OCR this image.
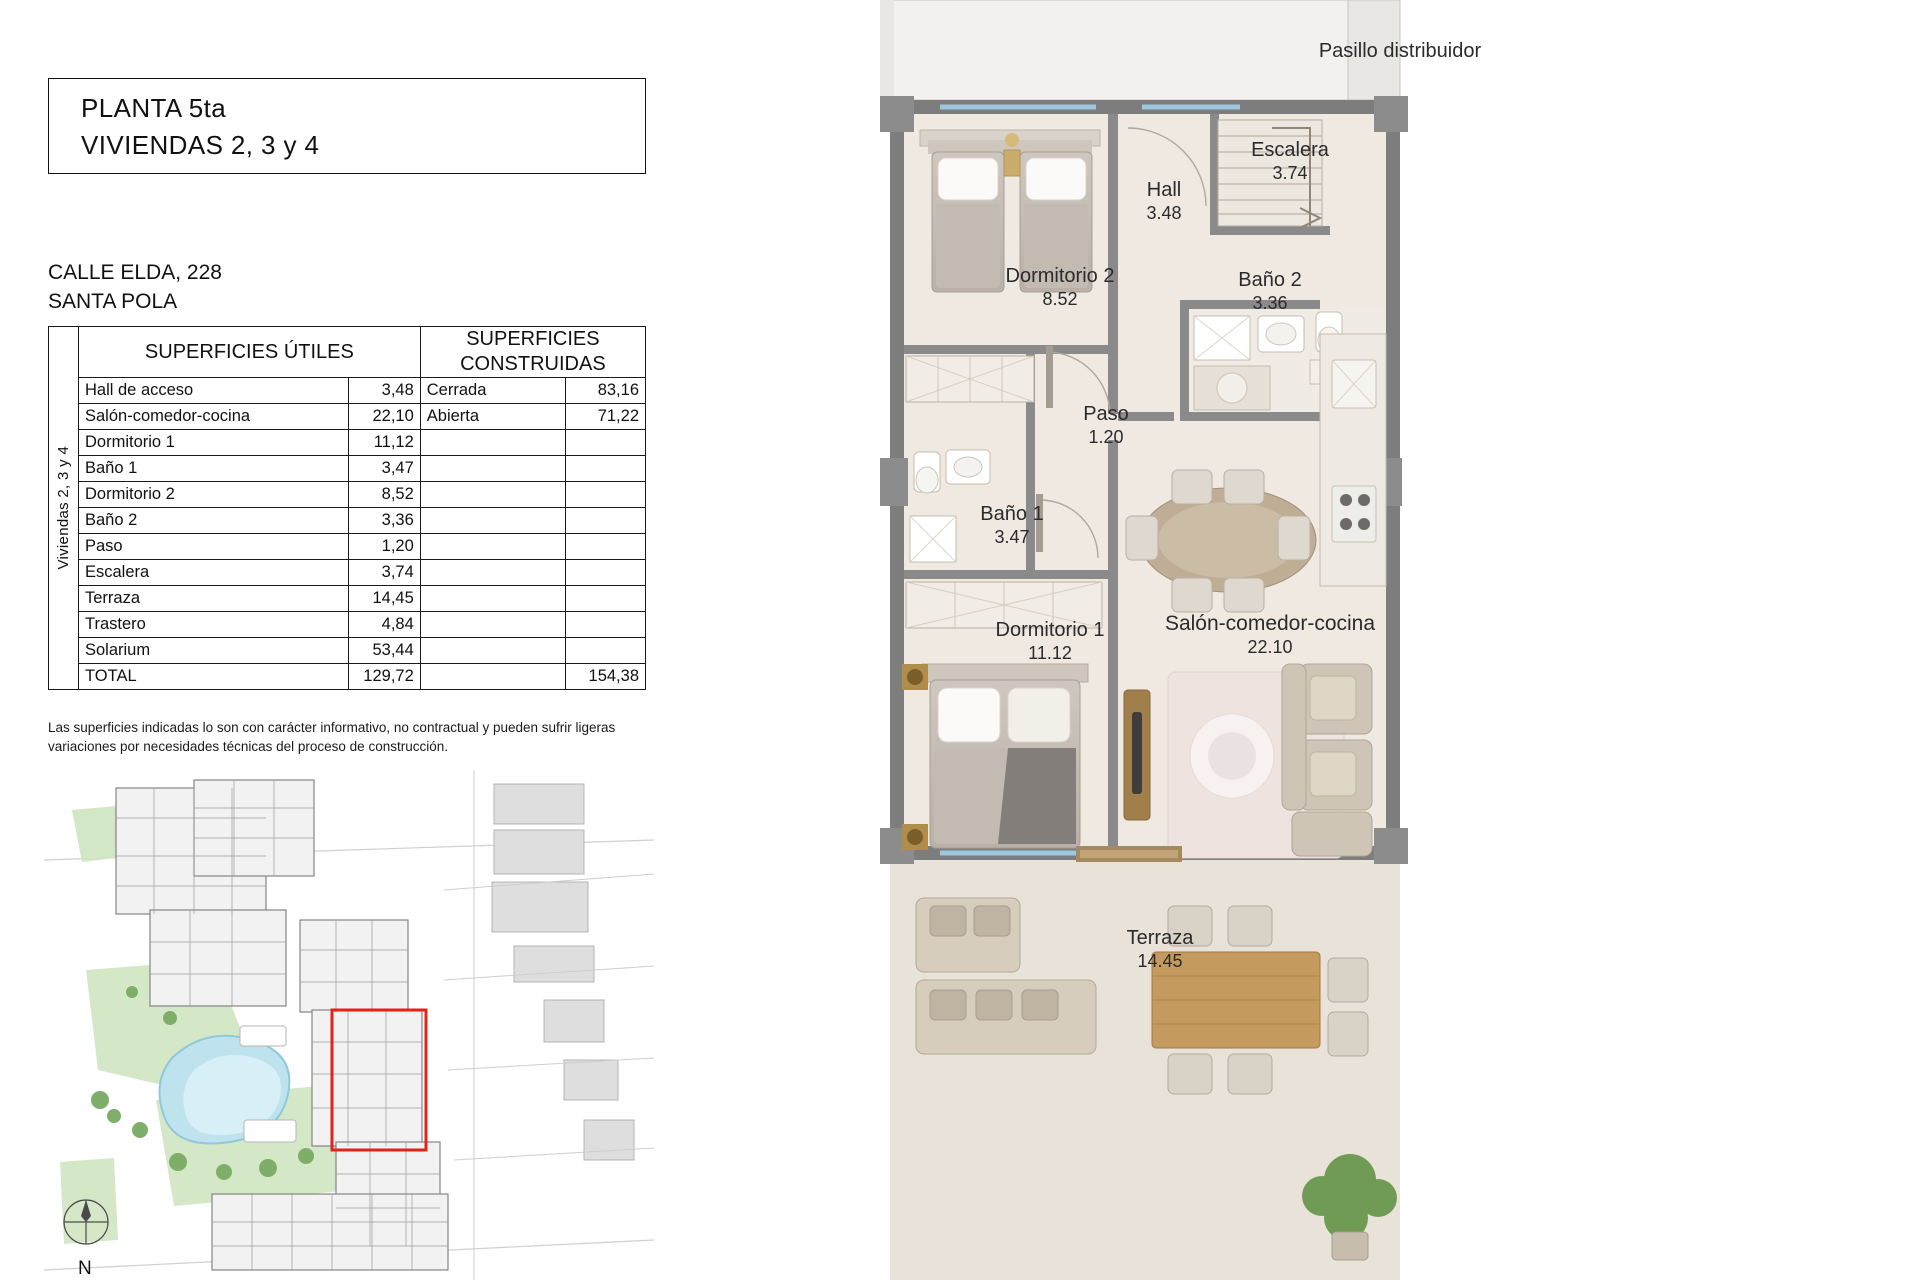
PLANTA 5ta
VIVIENDAS 2, 3 y 4
CALLE ELDA, 228
SANTA POLA
Viviendas 2, 3 y 4	SUPERFICIES ÚTILES		SUPERFICIES CONSTRUIDAS	
	Hall de acceso	3,48	Cerrada	83,16
	Salón-comedor-cocina	22,10	Abierta	71,22
	Dormitorio 1	11,12		
	Baño 1	3,47		
	Dormitorio 2	8,52		
	Baño 2	3,36		
	Paso	1,20		
	Escalera	3,74		
	Terraza	14,45		
	Trastero	4,84		
	Solarium	53,44		
	TOTAL	129,72		154,38
Las superficies indicadas lo son con carácter informativo, no contractual y pueden sufrir ligeras variaciones por necesidades técnicas del proceso de construcción.
N
Pasillo distribuidor
Dormitorio 2
8.52
Hall
3.48
Escalera
3.74
Baño 2
3.36
Paso
1.20
Baño 1
3.47
Dormitorio 1
11.12
Salón-comedor-cocina
22.10
Terraza
14.45
